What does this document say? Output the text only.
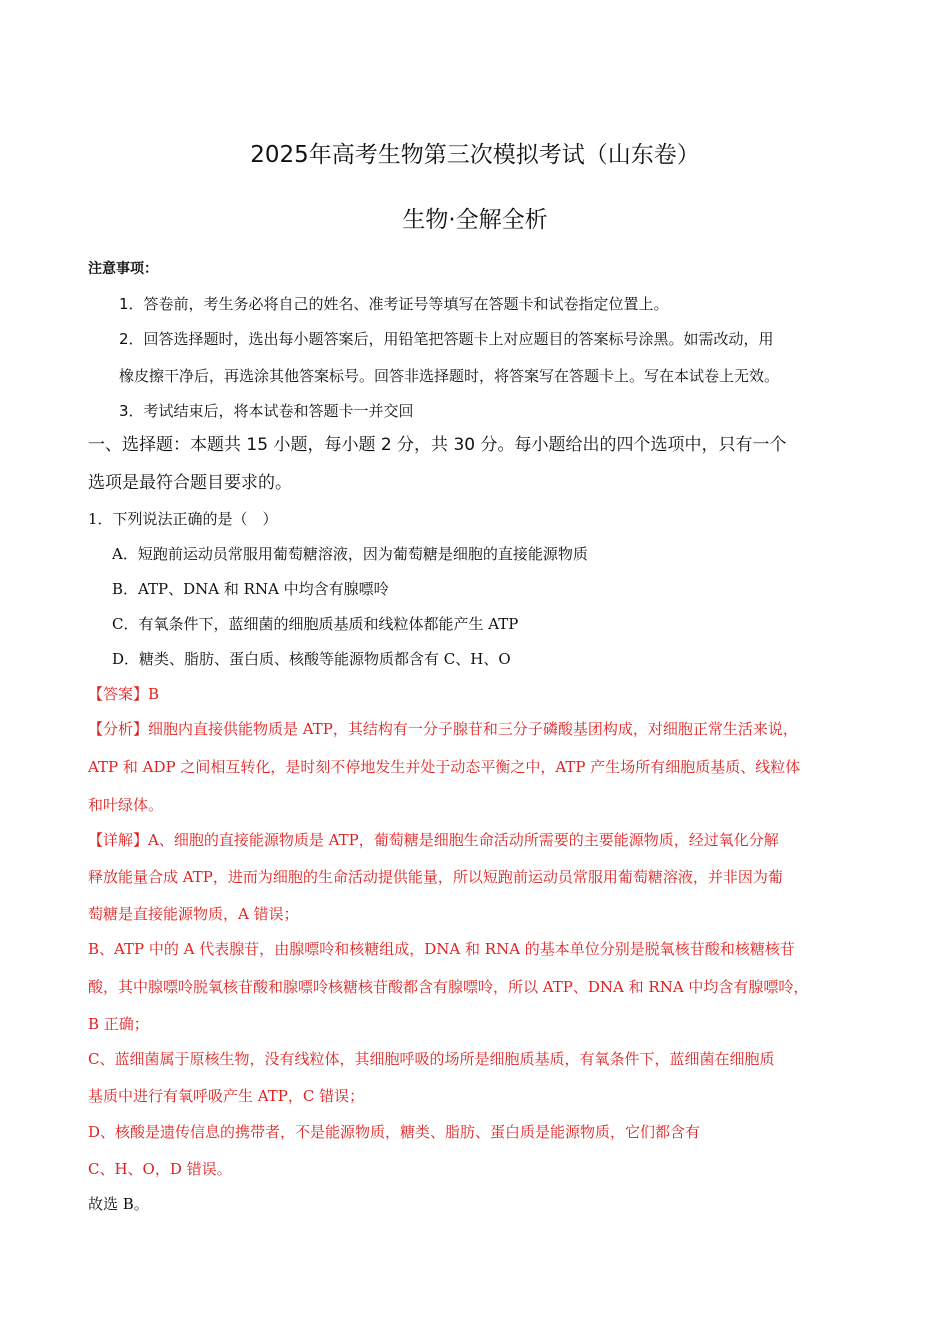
2025年高考生物第三次模拟考试（山东卷）
生物·全解全析
注意事项：
1．答卷前，考生务必将自己的姓名、准考证号等填写在答题卡和试卷指定位置上。
2．回答选择题时，选出每小题答案后，用铅笔把答题卡上对应题目的答案标号涂黑。如需改动，用
橡皮擦干净后，再选涂其他答案标号。回答非选择题时，将答案写在答题卡上。写在本试卷上无效。
3．考试结束后，将本试卷和答题卡一并交回
一、选择题：本题共 15 小题，每小题 2 分，共 30 分。每小题给出的四个选项中，只有一个
选项是最符合题目要求的。
1．下列说法正确的是（　）
A．短跑前运动员常服用葡萄糖溶液，因为葡萄糖是细胞的直接能源物质
B．ATP、DNA 和 RNA 中均含有腺嘌呤
C．有氧条件下，蓝细菌的细胞质基质和线粒体都能产生 ATP
D．糖类、脂肪、蛋白质、核酸等能源物质都含有 C、H、O
【答案】B
【分析】细胞内直接供能物质是 ATP，其结构有一分子腺苷和三分子磷酸基团构成，对细胞正常生活来说，
ATP 和 ADP 之间相互转化，是时刻不停地发生并处于动态平衡之中，ATP 产生场所有细胞质基质、线粒体
和叶绿体。
【详解】A、细胞的直接能源物质是 ATP，葡萄糖是细胞生命活动所需要的主要能源物质，经过氧化分解
释放能量合成 ATP，进而为细胞的生命活动提供能量，所以短跑前运动员常服用葡萄糖溶液，并非因为葡
萄糖是直接能源物质，A 错误；
B、ATP 中的 A 代表腺苷，由腺嘌呤和核糖组成，DNA 和 RNA 的基本单位分别是脱氧核苷酸和核糖核苷
酸，其中腺嘌呤脱氧核苷酸和腺嘌呤核糖核苷酸都含有腺嘌呤，所以 ATP、DNA 和 RNA 中均含有腺嘌呤，
B 正确；
C、蓝细菌属于原核生物，没有线粒体，其细胞呼吸的场所是细胞质基质，有氧条件下，蓝细菌在细胞质
基质中进行有氧呼吸产生 ATP，C 错误；
D、核酸是遗传信息的携带者，不是能源物质，糖类、脂肪、蛋白质是能源物质，它们都含有
C、H、O，D 错误。
故选 B。
